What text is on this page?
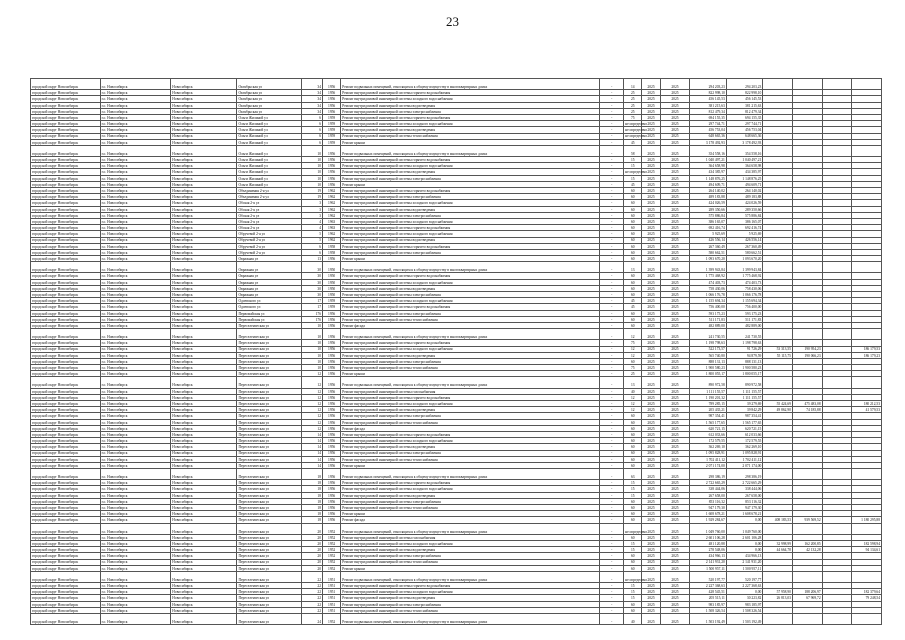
23
городской округ Новосибирск	г.о. Новосибирск	Новосибирск	Октябрьская ул	34	1956	Ремонт подвальных помещений, относящихся к общему имуществу в многоквартирных домах	-	14	2025	2025	294 203,23	294 203,23				
городской округ Новосибирск	г.о. Новосибирск	Новосибирск	Октябрьская ул	34	1956	Ремонт внутридомовой инженерной системы горячего водоснабжения	-	25	2025	2025	822 998,10	822 998,10				
городской округ Новосибирск	г.о. Новосибирск	Новосибирск	Октябрьская ул	34	1956	Ремонт внутридомовой инженерной системы холодного водоснабжения	-	25	2025	2025	456 145,53	456 145,53				
городской округ Новосибирск	г.о. Новосибирск	Новосибирск	Октябрьская ул	34	1956	Ремонт внутридомовой инженерной системы водоотведения	-	25	2025	2025	381 215,63	381 215,63				
городской округ Новосибирск	г.о. Новосибирск	Новосибирск	Октябрьская ул	34	1956	Ремонт внутридомовой инженерной системы электроснабжения	-	25	2025	2025	812 479,34	812 479,34				
городской округ Новосибирск	г.о. Новосибирск	Новосибирск	Ольги Жилиной ул	6	1959	Ремонт внутридомовой инженерной системы горячего водоснабжения	-	75	2025	2025	694 155,35	694 155,35				
городской округ Новосибирск	г.о. Новосибирск	Новосибирск	Ольги Жилиной ул	6	1959	Ремонт внутридомовой инженерной системы холодного водоснабжения	-	не определено	2025	2025	297 744,71	297 744,71				
городской округ Новосибирск	г.о. Новосибирск	Новосибирск	Ольги Жилиной ул	6	1959	Ремонт внутридомовой инженерной системы водоотведения	-	не определено	2025	2025	456 753,04	456 753,04				
городской округ Новосибирск	г.о. Новосибирск	Новосибирск	Ольги Жилиной ул	6	1959	Ремонт внутридомовой инженерной системы теплоснабжения	-	не определено	2025	2025	648 665,36	648 665,36				
городской округ Новосибирск	г.о. Новосибирск	Новосибирск	Ольги Жилиной ул	6	1959	Ремонт крыши	-	45	2025	2025	3 178 492,93	3 178 492,93				
городской округ Новосибирск	г.о. Новосибирск	Новосибирск	Ольги Жилиной ул	10	1956	Ремонт подвальных помещений, относящихся к общему имуществу в многоквартирных домах	-	58	2025	2025	354 558,16	354 558,16				
городской округ Новосибирск	г.о. Новосибирск	Новосибирск	Ольги Жилиной ул	10	1956	Ремонт внутридомовой инженерной системы горячего водоснабжения	-	15	2025	2025	1 040 497,21	1 040 497,21				
городской округ Новосибирск	г.о. Новосибирск	Новосибирск	Ольги Жилиной ул	10	1956	Ремонт внутридомовой инженерной системы холодного водоснабжения	-	15	2025	2025	364 658,98	364 658,98				
городской округ Новосибирск	г.о. Новосибирск	Новосибирск	Ольги Жилиной ул	10	1956	Ремонт внутридомовой инженерной системы водоотведения	-	не определено	2025	2025	434 385,97	434 385,97				
городской округ Новосибирск	г.о. Новосибирск	Новосибирск	Ольги Жилиной ул	10	1956	Ремонт внутридомовой инженерной системы электроснабжения	-	15	2025	2025	1 148 876,25	1 148 876,25				
городской округ Новосибирск	г.о. Новосибирск	Новосибирск	Ольги Жилиной ул	10	1956	Ремонт крыши	-	45	2025	2025	494 609,71	494 609,71				
городской округ Новосибирск	г.о. Новосибирск	Новосибирск	Объединения 2-я ул	19	1962	Ремонт внутридомовой инженерной системы горячего водоснабжения	-	60	2025	2025	264 140,02	264 140,02				
городской округ Новосибирск	г.о. Новосибирск	Новосибирск	Объединения 2-я ул	19	1962	Ремонт внутридомовой инженерной системы электроснабжения	-	60	2025	2025	489 183,88	489 183,88				
городской округ Новосибирск	г.о. Новосибирск	Новосибирск	Обская 2-я ул	3	1962	Ремонт внутридомовой инженерной системы холодного водоснабжения	-	60	2025	2025	424 026,59	424 026,59				
городской округ Новосибирск	г.о. Новосибирск	Новосибирск	Обская 2-я ул	3	1962	Ремонт внутридомовой инженерной системы водоотведения	-	60	2025	2025	289 350,66	289 350,66				
городской округ Новосибирск	г.о. Новосибирск	Новосибирск	Обская 2-я ул	3	1962	Ремонт внутридомовой инженерной системы электроснабжения	-	60	2025	2025	575 886,84	575 886,84				
городской округ Новосибирск	г.о. Новосибирск	Новосибирск	Обская 2-я ул	4	1963	Ремонт внутридомовой инженерной системы холодного водоснабжения	-	60	2025	2025	386 165,07	386 165,07				
городской округ Новосибирск	г.о. Новосибирск	Новосибирск	Обская 2-я ул	4	1963	Ремонт внутридомовой инженерной системы горячего водоснабжения	-	60	2025	2025	692 416,74	692 416,74				
городской округ Новосибирск	г.о. Новосибирск	Новосибирск	Обручевой 2-я ул	5	1962	Ремонт внутридомовой инженерной системы холодного водоснабжения	-	60	2025	2025	5 925,69	5 925,69				
городской округ Новосибирск	г.о. Новосибирск	Новосибирск	Обручевой 2-я ул	5	1962	Ремонт внутридомовой инженерной системы водоотведения	-	60	2025	2025	426 556,14	426 556,14				
городской округ Новосибирск	г.о. Новосибирск	Новосибирск	Обручевой 2-я ул	6	1958	Ремонт внутридомовой инженерной системы горячего водоснабжения	-	60	2025	2025	267 360,49	267 360,49				
городской округ Новосибирск	г.о. Новосибирск	Новосибирск	Обручевой 2-я ул	6	1958	Ремонт внутридомовой инженерной системы электроснабжения	-	60	2025	2025	580 662,51	580 662,51				
городской округ Новосибирск	г.о. Новосибирск	Новосибирск	Овражная ул	13	1956	Ремонт крыши	-	60	2025	2025	1 093 670,20	1 093 670,20				
городской округ Новосибирск	г.о. Новосибирск	Новосибирск	Овражная ул	30	1950	Ремонт подвальных помещений, относящихся к общему имуществу в многоквартирных домах	-	13	2025	2025	1 399 943,84	1 399 943,84				
городской округ Новосибирск	г.о. Новосибирск	Новосибирск	Овражная ул	30	1950	Ремонт внутридомовой инженерной системы горячего водоснабжения	-	60	2025	2025	1 775 468,92	1 775 468,92				
городской округ Новосибирск	г.о. Новосибирск	Новосибирск	Овражная ул	30	1950	Ремонт внутридомовой инженерной системы холодного водоснабжения	-	60	2025	2025	474 403,73	474 403,73				
городской округ Новосибирск	г.о. Новосибирск	Новосибирск	Овражная ул	30	1950	Ремонт внутридомовой инженерной системы водоотведения	-	60	2025	2025	758 430,06	758 430,06				
городской округ Новосибирск	г.о. Новосибирск	Новосибирск	Овражная ул	30	1950	Ремонт внутридомовой инженерной системы электроснабжения	-	60	2025	2025	1 066 176,78	1 066 176,78				
городской округ Новосибирск	г.о. Новосибирск	Новосибирск	Одоевского ул	17	1959	Ремонт внутридомовой инженерной системы холодного водоснабжения	-	45	2025	2025	1 155 694,34	1 155 694,34				
городской округ Новосибирск	г.о. Новосибирск	Новосибирск	Одоевского ул	17	1959	Ремонт внутридомовой инженерной системы горячего водоснабжения	-	45	2025	2025	756 400,00	756 400,00				
городской округ Новосибирск	г.о. Новосибирск	Новосибирск	Первомайская ул	176	1956	Ремонт внутридомовой инженерной системы электроснабжения	-	60	2025	2025	593 175,23	593 175,23				
городской округ Новосибирск	г.о. Новосибирск	Новосибирск	Первомайская ул	176	1956	Ремонт внутридомовой инженерной системы теплоснабжения	-	60	2025	2025	511 171,83	511 171,83				
городской округ Новосибирск	г.о. Новосибирск	Новосибирск	Переселенческая ул	10	1956	Ремонт фасада	-	60	2025	2025	482 889,00	482 889,00				
городской округ Новосибирск	г.о. Новосибирск	Новосибирск	Переселенческая ул	10	1956	Ремонт подвальных помещений, относящихся к общему имуществу в многоквартирных домах	-	12	2025	2025	241 730,55	241 730,55				
городской округ Новосибирск	г.о. Новосибирск	Новосибирск	Переселенческая ул	10	1956	Ремонт внутридомовой инженерной системы горячего водоснабжения	-	75	2025	2025	1 198 798,63	1 198 798,63				
городской округ Новосибирск	г.о. Новосибирск	Новосибирск	Переселенческая ул	10	1956	Ремонт внутридомовой инженерной системы холодного водоснабжения	-	12	2025	2025	522 173,57	91 726,29	53 313,55	190 954,23		186 179,53
городской округ Новосибирск	г.о. Новосибирск	Новосибирск	Переселенческая ул	10	1956	Ремонт внутридомовой инженерной системы водоотведения	-	12	2025	2025	565 740,80	94 879,59	55 115,75	190 066,23		186 179,23
городской округ Новосибирск	г.о. Новосибирск	Новосибирск	Переселенческая ул	10	1956	Ремонт внутридомовой инженерной системы электроснабжения	-	60	2025	2025	888 131,13	888 131,13				
городской округ Новосибирск	г.о. Новосибирск	Новосибирск	Переселенческая ул	10	1956	Ремонт внутридомовой инженерной системы теплоснабжения	-	75	2025	2025	1 900 580,23	1 900 580,23				
городской округ Новосибирск	г.о. Новосибирск	Новосибирск	Переселенческая ул	12	1956	Ремонт крыши	-	25	2025	2025	1 800 055,17	1 800 055,17				
городской округ Новосибирск	г.о. Новосибирск	Новосибирск	Переселенческая ул	12	1956	Ремонт подвальных помещений, относящихся к общему имуществу в многоквартирных домах	-	13	2025	2025	890 972,58	890 972,58				
городской округ Новосибирск	г.о. Новосибирск	Новосибирск	Переселенческая ул	12	1956	Ремонт внутридомовой инженерной системы газоснабжения	-	40	2025	2025	1 111 155,57	1 111 155,57				
городской округ Новосибирск	г.о. Новосибирск	Новосибирск	Переселенческая ул	12	1956	Ремонт внутридомовой инженерной системы горячего водоснабжения	-	12	2025	2025	1 190 201,32	1 111 155,57				
городской округ Новосибирск	г.о. Новосибирск	Новосибирск	Переселенческая ул	12	1956	Ремонт внутридомовой инженерной системы холодного водоснабжения	-	12	2025	2025	789 285,15	39 279,69	55 424,69	475 483,08		180 212,53
городской округ Новосибирск	г.о. Новосибирск	Новосибирск	Переселенческая ул	12	1956	Ремонт внутридомовой инженерной системы водоотведения	-	12	2025	2025	205 435,21	39 842,29	49 862,90	74 185,88		41 579,53
городской округ Новосибирск	г.о. Новосибирск	Новосибирск	Переселенческая ул	12	1956	Ремонт внутридомовой инженерной системы электроснабжения	-	60	2025	2025	987 354,41	987 354,41				
городской округ Новосибирск	г.о. Новосибирск	Новосибирск	Переселенческая ул	12	1956	Ремонт внутридомовой инженерной системы теплоснабжения	-	60	2025	2025	1 565 177,65	1 565 177,65				
городской округ Новосибирск	г.о. Новосибирск	Новосибирск	Переселенческая ул	12	1956	Ремонт фасада	-	60	2025	2025	620 721,15	620 721,15				
городской округ Новосибирск	г.о. Новосибирск	Новосибирск	Переселенческая ул	14	1956	Ремонт внутридомовой инженерной системы горячего водоснабжения	-	60	2025	2025	612 033,66	612 033,66				
городской округ Новосибирск	г.о. Новосибирск	Новосибирск	Переселенческая ул	14	1956	Ремонт внутридомовой инженерной системы холодного водоснабжения	-	60	2025	2025	172 579,55	172 579,55				
городской округ Новосибирск	г.о. Новосибирск	Новосибирск	Переселенческая ул	14	1956	Ремонт внутридомовой инженерной системы водоотведения	-	60	2025	2025	362 269,10	362 269,10				
городской округ Новосибирск	г.о. Новосибирск	Новосибирск	Переселенческая ул	14	1956	Ремонт внутридомовой инженерной системы электроснабжения	-	60	2025	2025	1 095 828,91	1 095 828,91				
городской округ Новосибирск	г.о. Новосибирск	Новосибирск	Переселенческая ул	14	1956	Ремонт внутридомовой инженерной системы теплоснабжения	-	60	2025	2025	1 702 411,12	1 702 411,12				
городской округ Новосибирск	г.о. Новосибирск	Новосибирск	Переселенческая ул	14	1956	Ремонт крыши	-	60	2025	2025	2 071 174,00	2 071 174,00				
городской округ Новосибирск	г.о. Новосибирск	Новосибирск	Переселенческая ул	18	1956	Ремонт подвальных помещений, относящихся к общему имуществу в многоквартирных домах	-	63	2025	2025	298 386,19	298 386,19				
городской округ Новосибирск	г.о. Новосибирск	Новосибирск	Переселенческая ул	18	1956	Ремонт внутридомовой инженерной системы горячего водоснабжения	-	15	2025	2025	2 722 665,29	2 722 665,29				
городской округ Новосибирск	г.о. Новосибирск	Новосибирск	Переселенческая ул	18	1956	Ремонт внутридомовой инженерной системы холодного водоснабжения	-	15	2025	2025	338 444,06	338 444,06				
городской округ Новосибирск	г.о. Новосибирск	Новосибирск	Переселенческая ул	18	1956	Ремонт внутридомовой инженерной системы водоотведения	-	15	2025	2025	267 658,00	267 658,00				
городской округ Новосибирск	г.о. Новосибирск	Новосибирск	Переселенческая ул	18	1956	Ремонт внутридомовой инженерной системы электроснабжения	-	60	2025	2025	853 116,32	853 116,32				
городской округ Новосибирск	г.о. Новосибирск	Новосибирск	Переселенческая ул	18	1956	Ремонт внутридомовой инженерной системы теплоснабжения	-	60	2025	2025	947 179,30	947 179,30				
городской округ Новосибирск	г.о. Новосибирск	Новосибирск	Переселенческая ул	18	1956	Ремонт крыши	-	60	2025	2025	1 608 678,21	1 608 678,21				
городской округ Новосибирск	г.о. Новосибирск	Новосибирск	Переселенческая ул	18	1956	Ремонт фасада	-	60	2025	2025	1 929 284,67	0,00	408 183,53	939 569,52		1 180 295,88
городской округ Новосибирск	г.о. Новосибирск	Новосибирск	Переселенческая ул	20	1952	Ремонт подвальных помещений, относящихся к общему имуществу в многоквартирных домах	-	не определено	2025	2025	1 049 760,00	1 049 760,00				
городской округ Новосибирск	г.о. Новосибирск	Новосибирск	Переселенческая ул	20	1952	Ремонт внутридомовой инженерной системы газоснабжения	-	60	2025	2025	2 601 106,28	2 601 106,28				
городской округ Новосибирск	г.о. Новосибирск	Новосибирск	Переселенческая ул	20	1952	Ремонт внутридомовой инженерной системы холодного водоснабжения	-	15	2025	2025	481 120,88	0,00	32 998,99	162 200,85		182 598,94
городской округ Новосибирск	г.о. Новосибирск	Новосибирск	Переселенческая ул	20	1952	Ремонт внутридомовой инженерной системы водоотведения	-	15	2025	2025	278 548,06	0,00	44 664,78	42 132,28		94 134,61
городской округ Новосибирск	г.о. Новосибирск	Новосибирск	Переселенческая ул	20	1952	Ремонт внутридомовой инженерной системы электроснабжения	-	60	2025	2025	434 966,13	434 966,13				
городской округ Новосибирск	г.о. Новосибирск	Новосибирск	Переселенческая ул	20	1952	Ремонт внутридомовой инженерной системы теплоснабжения	-	60	2025	2025	2 141 931,20	2 141 931,20				
городской округ Новосибирск	г.о. Новосибирск	Новосибирск	Переселенческая ул	20	1952	Ремонт крыши	-	60	2025	2025	1 500 957,11	1 500 957,11				
городской округ Новосибирск	г.о. Новосибирск	Новосибирск	Переселенческая ул	22	1951	Ремонт подвальных помещений, относящихся к общему имуществу в многоквартирных домах	-	не определено	2025	2025	520 197,77	520 197,77				
городской округ Новосибирск	г.о. Новосибирск	Новосибирск	Переселенческая ул	22	1951	Ремонт внутридомовой инженерной системы горячего водоснабжения	-	15	2025	2025	2 227 368,63	2 227 368,63				
городской округ Новосибирск	г.о. Новосибирск	Новосибирск	Переселенческая ул	22	1951	Ремонт внутридомовой инженерной системы холодного водоснабжения	-	15	2025	2025	428 545,51	0,00	57 958,90	188 206,97		182 379,64
городской округ Новосибирск	г.о. Новосибирск	Новосибирск	Переселенческая ул	22	1951	Ремонт внутридомовой инженерной системы водоотведения	-	15	2025	2025	205 515,11	30 223,82	26 813,03	67 969,72		79 248,54
городской округ Новосибирск	г.о. Новосибирск	Новосибирск	Переселенческая ул	22	1951	Ремонт внутридомовой инженерной системы электроснабжения	-	60	2025	2025	983 185,97	983 185,97				
городской округ Новосибирск	г.о. Новосибирск	Новосибирск	Переселенческая ул	22	1951	Ремонт внутридомовой инженерной системы теплоснабжения	-	60	2025	2025	1 508 326,54	1 508 326,54				
городской округ Новосибирск	г.о. Новосибирск	Новосибирск	Переселенческая ул	24	1952	Ремонт подвальных помещений, относящихся к общему имуществу в многоквартирных домах	-	40	2025	2025	1 503 192,49	1 503 192,49				
